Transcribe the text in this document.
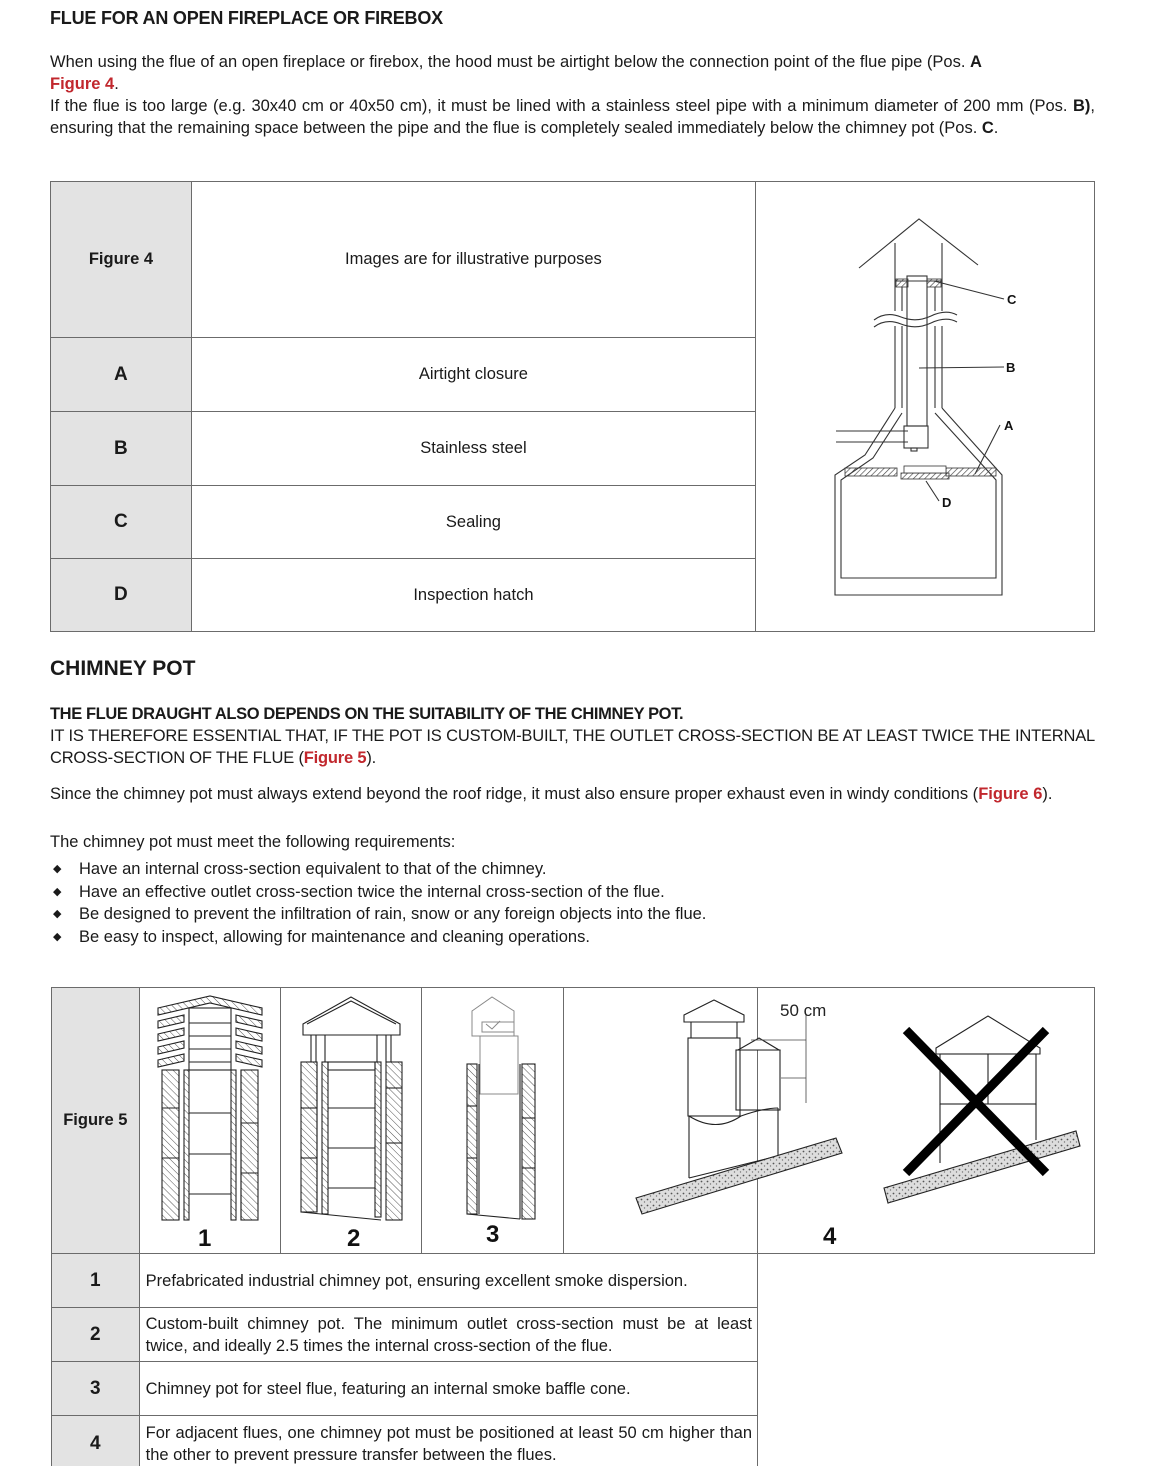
FLUE FOR AN OPEN FIREPLACE OR FIREBOX

When using the flue of an open fireplace or firebox, the hood must be airtight below the connection point of the flue pipe (Pos. A
Figure 4.

If the flue is too large (e.g. 30x40 cm or 40x50 cm), it must be lined with a stainless steel pipe with a minimum diameter of 200 mm (Pos. B), ensuring that the remaining space between the pipe and the flue is completely sealed immediately below the chimney pot (Pos. C.

Figure 4	Images are for illustrative purposes	C
B
A
D

A	Airtight closure	
B	Stainless steel	
C	Sealing	
D	Inspection hatch	
CHIMNEY POT
THE FLUE DRAUGHT ALSO DEPENDS ON THE SUITABILITY OF THE CHIMNEY POT.
IT IS THEREFORE ESSENTIAL THAT, IF THE POT IS CUSTOM-BUILT, THE OUTLET CROSS-SECTION BE AT LEAST TWICE THE INTERNAL CROSS-SECTION OF THE FLUE (Figure 5).

Since the chimney pot must always extend beyond the roof ridge, it must also ensure proper exhaust even in windy conditions (Figure 6).

The chimney pot must meet the following requirements:
◆ Have an internal cross-section equivalent to that of the chimney.
◆ Have an effective outlet cross-section twice the internal cross-section of the flue.
◆ Be designed to prevent the infiltration of rain, snow or any foreign objects into the flue.
◆ Be easy to inspect, allowing for maintenance and cleaning operations.
Figure 5	1	2	3		50 cm
4

1	Prefabricated industrial chimney pot, ensuring excellent smoke dispersion.				
2	Custom-built chimney pot. The minimum outlet cross-section must be at least twice, and ideally 2.5 times the internal cross-section of the flue.				
3	Chimney pot for steel flue, featuring an internal smoke baffle cone.				
4	For adjacent flues, one chimney pot must be positioned at least 50 cm higher than the other to prevent pressure transfer between the flues.				
